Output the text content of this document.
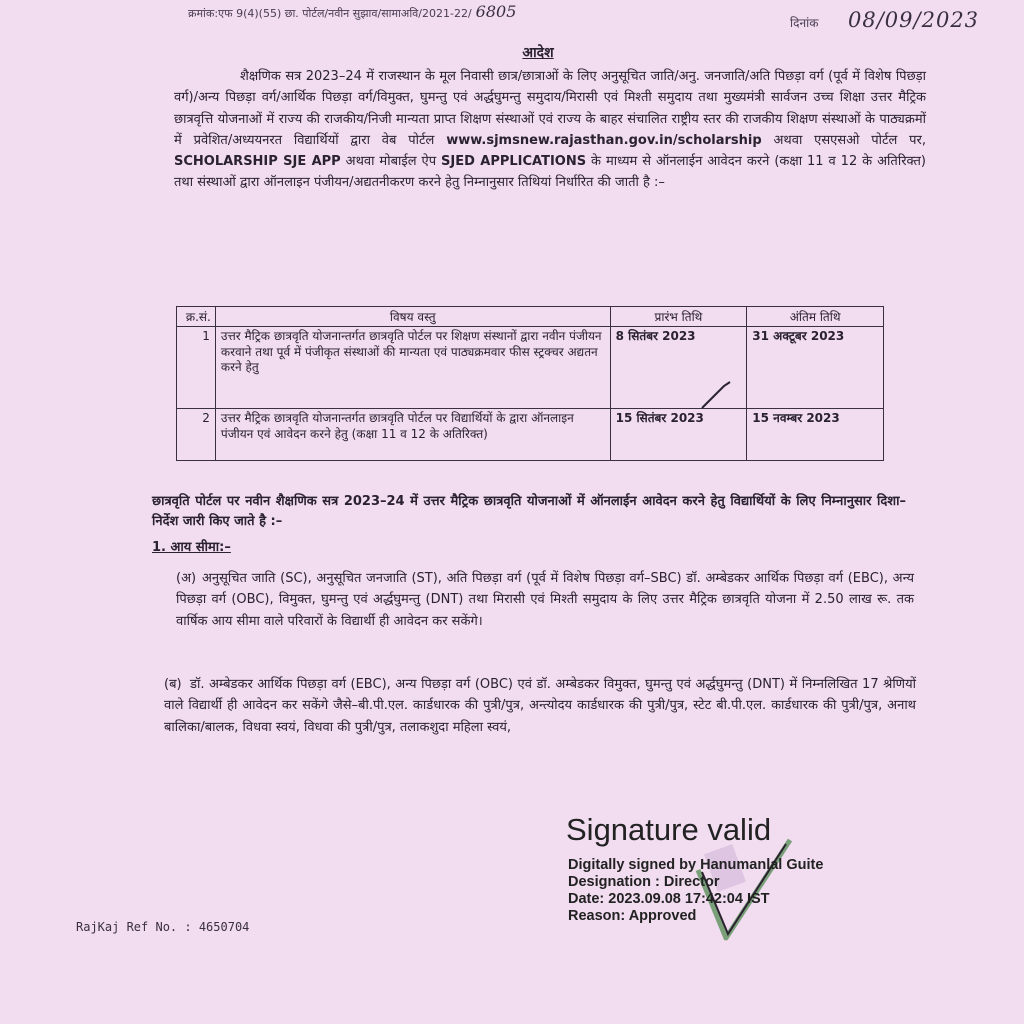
क्रमांक:एफ 9(4)(55) छा. पोर्टल/नवीन सुझाव/सामाअवि/2021-22/ 6805
दिनांक 08/09/2023
आदेश
शैक्षणिक सत्र 2023–24 में राजस्थान के मूल निवासी छात्र/छात्राओं के लिए अनुसूचित जाति/अनु. जनजाति/अति पिछड़ा वर्ग (पूर्व में विशेष पिछड़ा वर्ग)/अन्य पिछड़ा वर्ग/आर्थिक पिछड़ा वर्ग/विमुक्त, घुमन्तु एवं अर्द्धघुमन्तु समुदाय/मिरासी एवं मिश्ती समुदाय तथा मुख्यमंत्री सार्वजन उच्च शिक्षा उत्तर मैट्रिक छात्रवृत्ति योजनाओं में राज्य की राजकीय/निजी मान्यता प्राप्त शिक्षण संस्थाओं एवं राज्य के बाहर संचालित राष्ट्रीय स्तर की राजकीय शिक्षण संस्थाओं के पाठ्यक्रमों में प्रवेशित/अध्ययनरत विद्यार्थियों द्वारा वेब पोर्टल www.sjmsnew.rajasthan.gov.in/scholarship अथवा एसएसओ पोर्टल पर, SCHOLARSHIP SJE APP अथवा मोबाईल ऐप SJED APPLICATIONS के माध्यम से ऑनलाईन आवेदन करने (कक्षा 11 व 12 के अतिरिक्त) तथा संस्थाओं द्वारा ऑनलाइन पंजीयन/अद्यतनीकरण करने हेतु निम्नानुसार तिथियां निर्धारित की जाती है :–
क्र.सं.	विषय वस्तु	प्रारंभ तिथि	अंतिम तिथि
1	उत्तर मैट्रिक छात्रवृति योजनान्तर्गत छात्रवृति पोर्टल पर शिक्षण संस्थानों द्वारा नवीन पंजीयन करवाने तथा पूर्व में पंजीकृत संस्थाओं की मान्यता एवं पाठ्यक्रमवार फीस स्ट्रक्चर अद्यतन करने हेतु	8 सितंबर 2023	31 अक्टूबर 2023
2	उत्तर मैट्रिक छात्रवृति योजनान्तर्गत छात्रवृति पोर्टल पर विद्यार्थियों के द्वारा ऑनलाइन पंजीयन एवं आवेदन करने हेतु (कक्षा 11 व 12 के अतिरिक्त)	15 सितंबर 2023	15 नवम्बर 2023
छात्रवृति पोर्टल पर नवीन शैक्षणिक सत्र 2023–24 में उत्तर मैट्रिक छात्रवृति योजनाओं में ऑनलाईन आवेदन करने हेतु विद्यार्थियों के लिए निम्नानुसार दिशा–निर्देश जारी किए जाते है :–
1. आय सीमा:–
(अ) अनुसूचित जाति (SC), अनुसूचित जनजाति (ST), अति पिछड़ा वर्ग (पूर्व में विशेष पिछड़ा वर्ग–SBC) डॉ. अम्बेडकर आर्थिक पिछड़ा वर्ग (EBC), अन्य पिछड़ा वर्ग (OBC), विमुक्त, घुमन्तु एवं अर्द्धघुमन्तु (DNT) तथा मिरासी एवं मिश्ती समुदाय के लिए उत्तर मैट्रिक छात्रवृति योजना में 2.50 लाख रू. तक वार्षिक आय सीमा वाले परिवारों के विद्यार्थी ही आवेदन कर सकेंगे।
(ब) डॉ. अम्बेडकर आर्थिक पिछड़ा वर्ग (EBC), अन्य पिछड़ा वर्ग (OBC) एवं डॉ. अम्बेडकर विमुक्त, घुमन्तु एवं अर्द्धघुमन्तु (DNT) में निम्नलिखित 17 श्रेणियों वाले विद्यार्थी ही आवेदन कर सकेंगे जैसे–बी.पी.एल. कार्डधारक की पुत्री/पुत्र, अन्त्योदय कार्डधारक की पुत्री/पुत्र, स्टेट बी.पी.एल. कार्डधारक की पुत्री/पुत्र, अनाथ बालिका/बालक, विधवा स्वयं, विधवा की पुत्री/पुत्र, तलाकशुदा महिला स्वयं,
Signature valid
Digitally signed by Hanumanlal Guite
Designation : Director
Date: 2023.09.08 17:42:04 IST
Reason: Approved
RajKaj Ref No. : 4650704
